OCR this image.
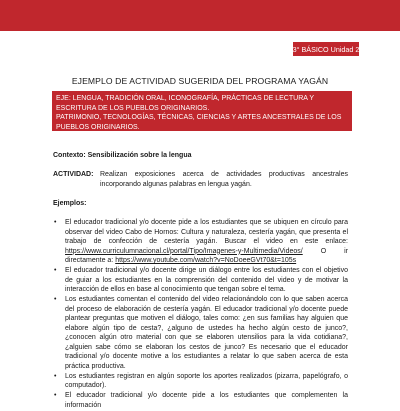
3° BÁSICO Unidad 2
EJEMPLO DE ACTIVIDAD SUGERIDA DEL PROGRAMA YAGÁN
EJE: LENGUA, TRADICIÓN ORAL, ICONOGRAFÍA, PRÁCTICAS DE LECTURA Y ESCRITURA DE LOS PUEBLOS ORIGINARIOS.
PATRIMONIO, TECNOLOGÍAS, TÉCNICAS, CIENCIAS Y ARTES ANCESTRALES DE LOS PUEBLOS ORIGINARIOS.
Contexto: Sensibilización sobre la lengua
ACTIVIDAD: Realizan exposiciones acerca de actividades productivas ancestrales incorporando algunas palabras en lengua yagán.
Ejemplos:
• El educador tradicional y/o docente pide a los estudiantes que se ubiquen en círculo para observar del video Cabo de Hornos: Cultura y naturaleza, cestería yagán, que presenta el trabajo de confección de cestería yagán. Buscar el video en este enlace: https://www.curriculumnacional.cl/portal/Tipo/Imagenes-y-Multimedia/Videos/	O ir directamente a: https://www.youtube.com/watch?v=NoDoeeGVt70&t=105s
• El educador tradicional y/o docente dirige un diálogo entre los estudiantes con el objetivo de guiar a los estudiantes en la comprensión del contenido del video y de motivar la interacción de ellos en base al conocimiento que tengan sobre el tema.
• Los estudiantes comentan el contenido del video relacionándolo con lo que saben acerca del proceso de elaboración de cestería yagán. El educador tradicional y/o docente puede plantear preguntas que motiven el diálogo, tales como: ¿en sus familias hay alguien que elabore algún tipo de cesta?, ¿alguno de ustedes ha hecho algún cesto de junco?, ¿conocen algún otro material con que se elaboren utensilios para la vida cotidiana?, ¿alguien sabe cómo se elaboran los cestos de junco? Es necesario que el educador tradicional y/o docente motive a los estudiantes a relatar lo que saben acerca de esta práctica productiva.
• Los estudiantes registran en algún soporte los aportes realizados (pizarra, papelógrafo, o computador).
• El educador tradicional y/o docente pide a los estudiantes que complementen la información
